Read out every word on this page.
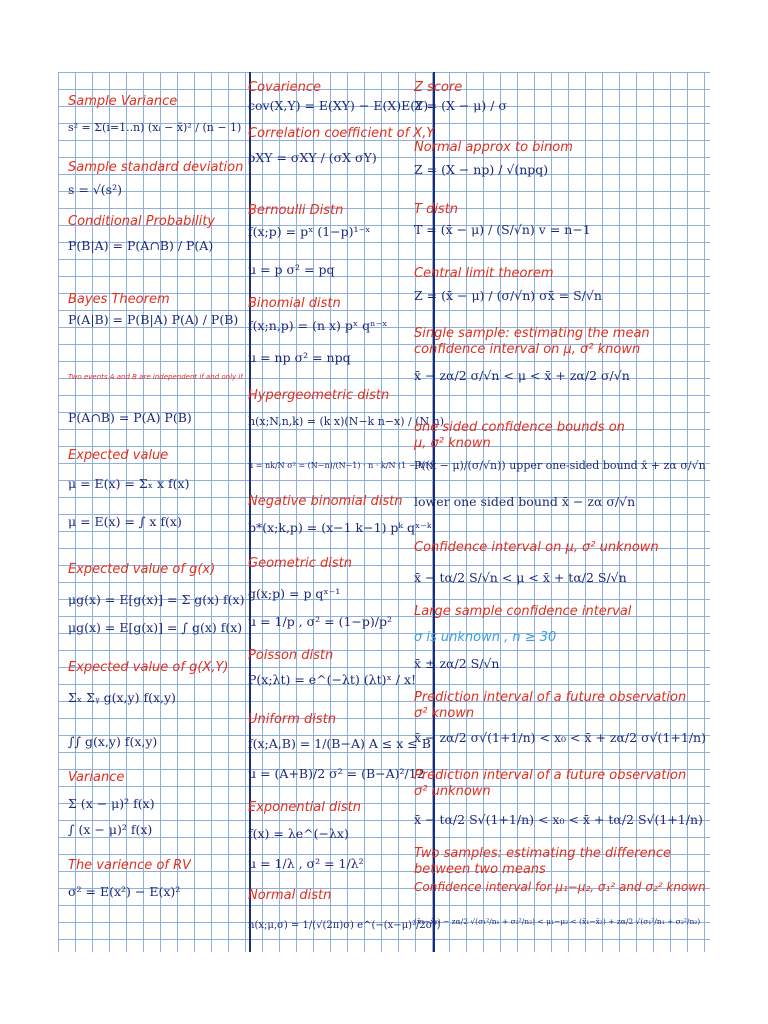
Sample Variance
s² = Σ(i=1..n) (xᵢ − x̄)² / (n − 1)
Sample standard deviation
s = √(s²)
Conditional Probability
P(B|A) = P(A∩B) / P(A)
Bayes Theorem
P(A|B) = P(B|A) P(A) / P(B)
Two events A and B are independent if and only if
P(A∩B) = P(A) P(B)
Expected value
μ = E(x) = Σₓ x f(x)
μ = E(x) = ∫ x f(x)
Expected value of g(x)
μg(x) = E[g(x)] = Σ g(x) f(x)
μg(x) = E[g(x)] = ∫ g(x) f(x)
Expected value of g(X,Y)
Σₓ Σᵧ g(x,y) f(x,y)
∫∫ g(x,y) f(x,y)
Variance
Σ (x − μ)² f(x)
∫ (x − μ)² f(x)
The varience of RV
σ² = E(x²) − E(x)²
Covarience
cov(X,Y) = E(XY) − E(X)E(Y)
Correlation coefficient of X,Y
ρXY = σXY / (σX σY)
Bernoulli Distn
f(x;p) = pˣ (1−p)¹⁻ˣ
μ = p σ² = pq
Binomial distn
f(x;n,p) = (n x) pˣ qⁿ⁻ˣ
μ = np σ² = npq
Hypergeometric distn
h(x;N,n,k) = (k x)(N−k n−x) / (N n)
μ = nk/N σ² = (N−n)/(N−1) · n · k/N (1 − k/N)
Negative binomial distn
b*(x;k,p) = (x−1 k−1) pᵏ qˣ⁻ᵏ
Geometric distn
g(x;p) = p qˣ⁻¹
μ = 1/p , σ² = (1−p)/p²
Poisson distn
P(x;λt) = e^(−λt) (λt)ˣ / x!
Uniform distn
f(x;A,B) = 1/(B−A) A ≤ x ≤ B
μ = (A+B)/2 σ² = (B−A)²/12
Exponential distn
f(x) = λe^(−λx)
μ = 1/λ , σ² = 1/λ²
Normal distn
n(x;μ,σ) = 1/(√(2π)σ) e^(−(x−μ)²/2σ²)
Z score
Z = (X − μ) / σ
Normal approx to binom
Z = (X − np) / √(npq)
T distn
T = (x̄ − μ) / (S/√n) v = n−1
Central limit theorem
Z = (x̄ − μ) / (σ/√n) σx̄ = S/√n
Single sample: estimating the mean
confidence interval on μ, σ² known
x̄ − zα/2 σ/√n < μ < x̄ + zα/2 σ/√n
one sided confidence bounds on
μ, σ² known
P((x̄ − μ)/(σ/√n)) upper one-sided bound x̄ + zα σ/√n
lower one sided bound x̄ − zα σ/√n
Confidence interval on μ, σ² unknown
x̄ − tα/2 S/√n < μ < x̄ + tα/2 S/√n
Large sample confidence interval
σ is unknown , n ≥ 30
x̄ ± zα/2 S/√n
Prediction interval of a future observation
σ² known
x̄ − zα/2 σ√(1+1/n) < x₀ < x̄ + zα/2 σ√(1+1/n)
Prediction interval of a future observation
σ² unknown
x̄ − tα/2 S√(1+1/n) < x₀ < x̄ + tα/2 S√(1+1/n)
Two samples: estimating the difference
between two means
Confidence interval for μ₁−μ₂, σ₁² and σ₂² known
(x̄₁−x̄₂) − zα/2 √(σ₁²/n₁ + σ₂²/n₂) < μ₁−μ₂ < (x̄₁−x̄₂) + zα/2 √(σ₁²/n₁ + σ₂²/n₂)
